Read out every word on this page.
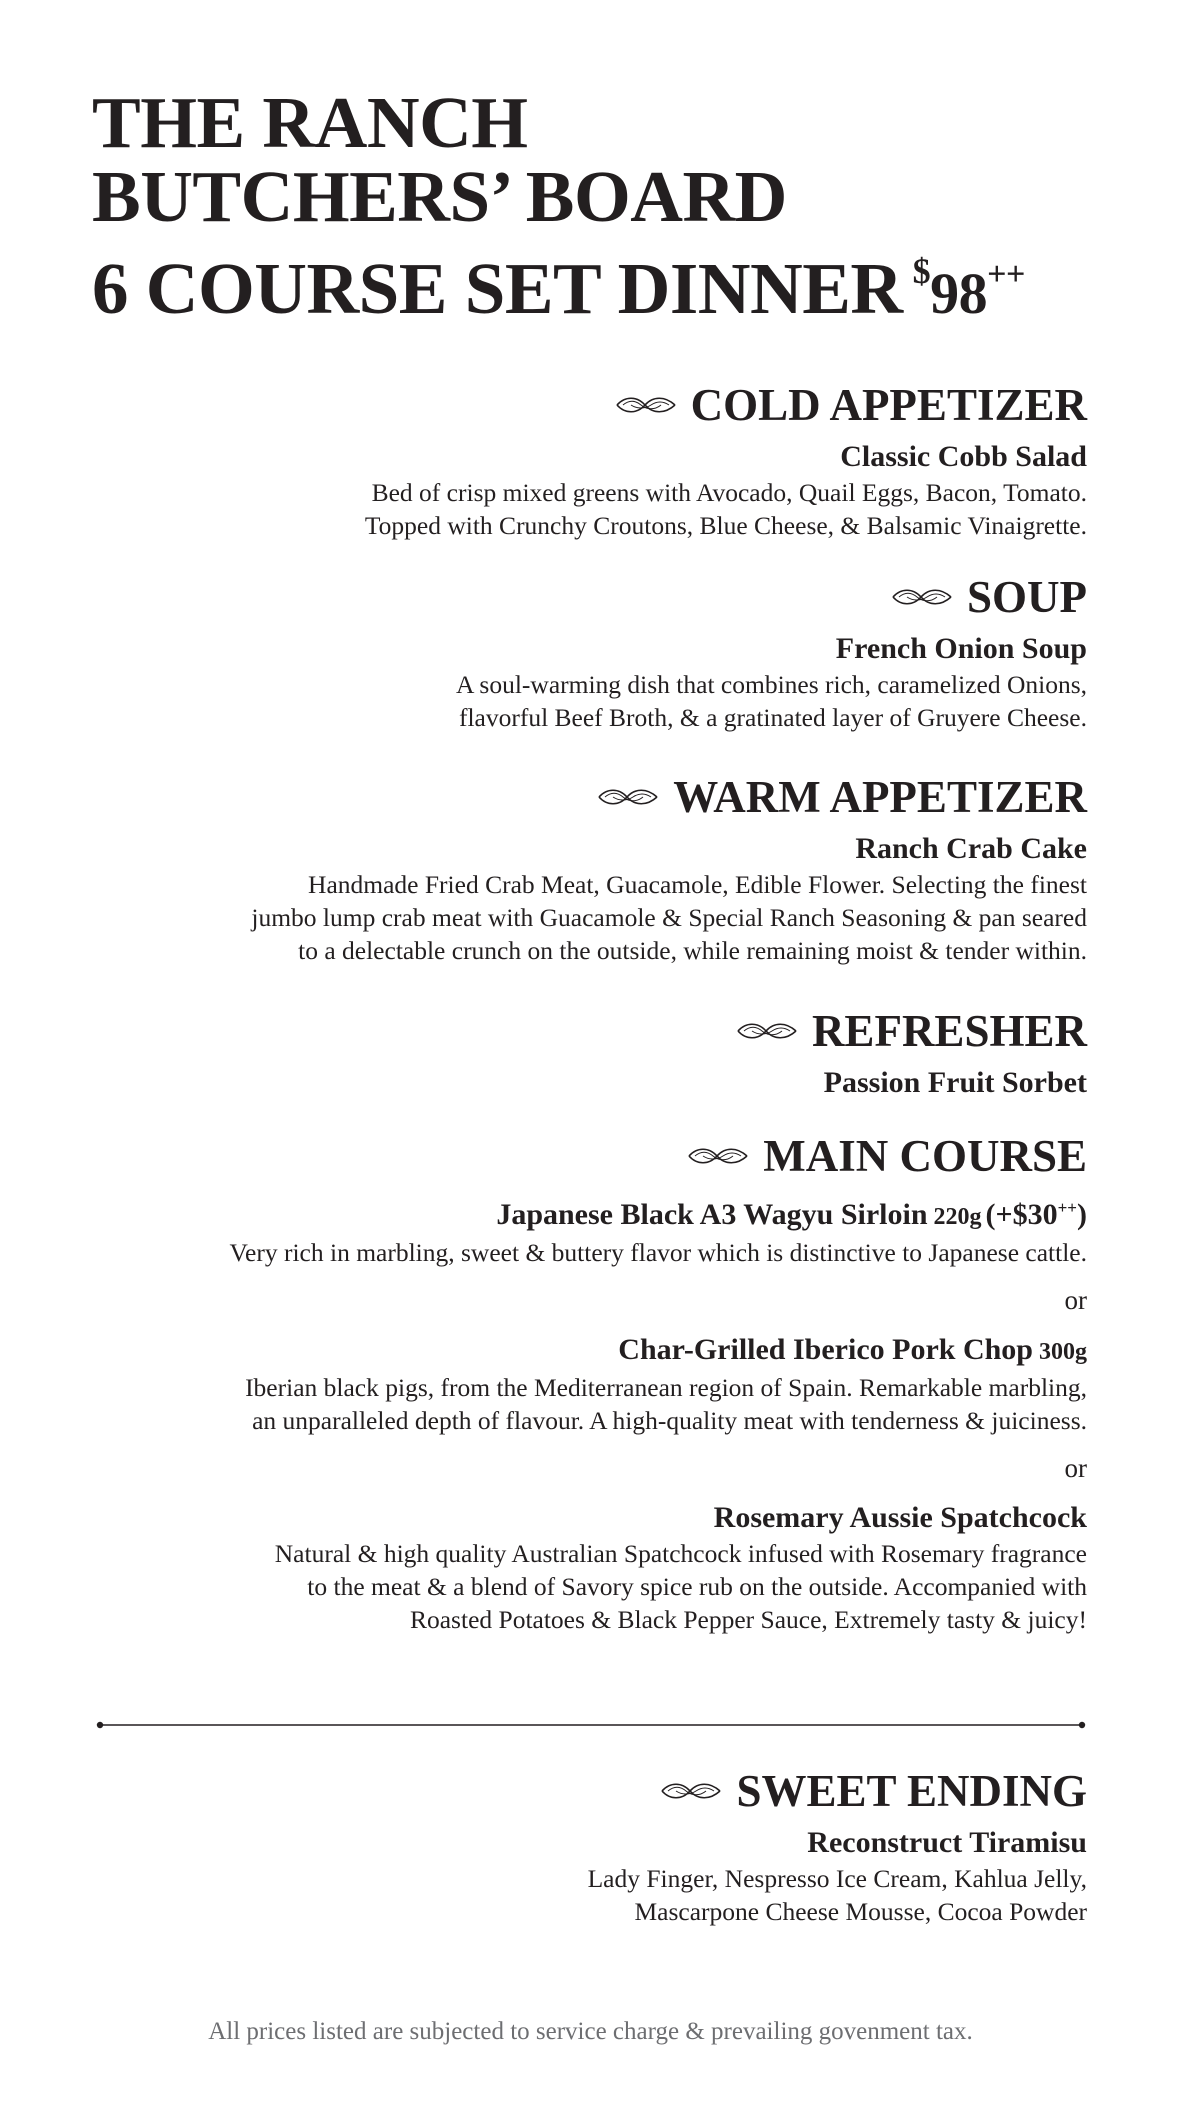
THE RANCH
BUTCHERS’ BOARD
6 COURSE SET DINNER $98++
COLD APPETIZER
Classic Cobb Salad
Bed of crisp mixed greens with Avocado, Quail Eggs, Bacon, Tomato.
Topped with Crunchy Croutons, Blue Cheese, & Balsamic Vinaigrette.
SOUP
French Onion Soup
A soul-warming dish that combines rich, caramelized Onions,
flavorful Beef Broth, & a gratinated layer of Gruyere Cheese.
WARM APPETIZER
Ranch Crab Cake
Handmade Fried Crab Meat, Guacamole, Edible Flower. Selecting the finest
jumbo lump crab meat with Guacamole & Special Ranch Seasoning & pan seared
to a delectable crunch on the outside, while remaining moist & tender within.
REFRESHER
Passion Fruit Sorbet
MAIN COURSE
Japanese Black A3 Wagyu Sirloin 220g (+$30++)
Very rich in marbling, sweet & buttery flavor which is distinctive to Japanese cattle.
or
Char-Grilled Iberico Pork Chop 300g
Iberian black pigs, from the Mediterranean region of Spain. Remarkable marbling,
an unparalleled depth of flavour. A high-quality meat with tenderness & juiciness.
or
Rosemary Aussie Spatchcock
Natural & high quality Australian Spatchcock infused with Rosemary fragrance
to the meat & a blend of Savory spice rub on the outside. Accompanied with
Roasted Potatoes & Black Pepper Sauce, Extremely tasty & juicy!
SWEET ENDING
Reconstruct Tiramisu
Lady Finger, Nespresso Ice Cream, Kahlua Jelly,
Mascarpone Cheese Mousse, Cocoa Powder
All prices listed are subjected to service charge & prevailing govenment tax.
